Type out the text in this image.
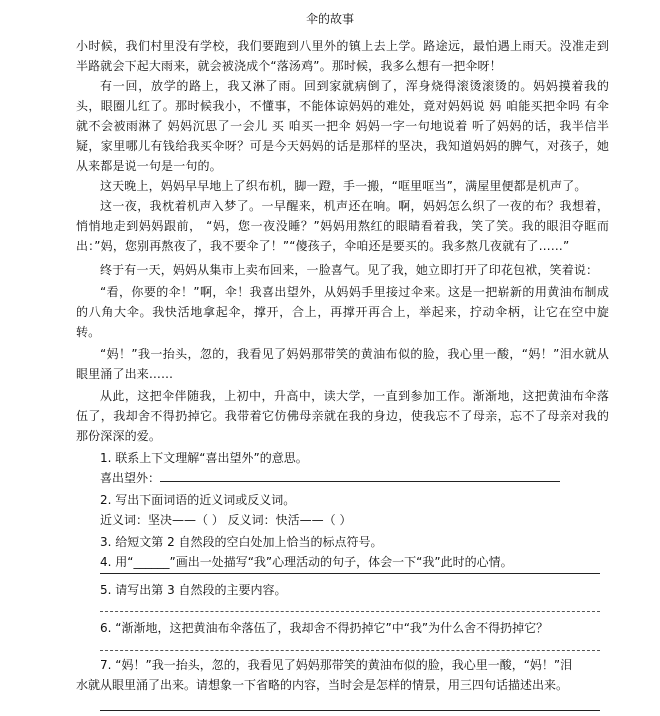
伞的故事

小时候，我们村里没有学校，我们要跑到八里外的镇上去上学。路途远，最怕遇上雨天。没准走到半路就会下起大雨来，就会被浇成个“落汤鸡”。那时候，我多么想有一把伞呀！

有一回，放学的路上，我又淋了雨。回到家就病倒了，浑身烧得滚烫滚烫的。妈妈摸着我的头，眼圈儿红了。那时候我小，不懂事，不能体谅妈妈的难处，竟对妈妈说 妈 咱能买把伞吗 有伞就不会被雨淋了 妈妈沉思了一会儿 买 咱买一把伞 妈妈一字一句地说着 听了妈妈的话，我半信半疑，家里哪儿有钱给我买伞呀？可是今天妈妈的话是那样的坚决，我知道妈妈的脾气，对孩子，她从来都是说一句是一句的。

这天晚上，妈妈早早地上了织布机，脚一蹬，手一搬，“哐里哐当”，满屋里便都是机声了。

这一夜，我枕着机声入梦了。一早醒来，机声还在响。啊，妈妈怎么织了一夜的布？我想着，悄悄地走到妈妈跟前， “妈，您一夜没睡？”妈妈用熬红的眼睛看着我，笑了笑。我的眼泪夺眶而出：”妈，您别再熬夜了，我不要伞了！”“傻孩子，伞咱还是要买的。我多熬几夜就有了……”

终于有一天，妈妈从集市上卖布回来，一脸喜气。见了我，她立即打开了印花包袱，笑着说：

“看，你要的伞！”啊，伞！我喜出望外，从妈妈手里接过伞来。这是一把崭新的用黄油布制成的八角大伞。我快活地拿起伞，撑开，合上，再撑开再合上，举起来，拧动伞柄，让它在空中旋转。

“妈！”我一抬头，忽的，我看见了妈妈那带笑的黄油布似的脸，我心里一酸，“妈！”泪水就从眼里涌了出来……

从此，这把伞伴随我，上初中，升高中，读大学，一直到参加工作。渐渐地，这把黄油布伞落伍了，我却舍不得扔掉它。我带着它仿佛母亲就在我的身边，使我忘不了母亲，忘不了母亲对我的那份深深的爱。

1. 联系上下文理解“喜出望外”的意思。
喜出望外：
2. 写出下面词语的近义词或反义词。
近义词：坚决——（ ） 反义词：快活——（ ）
3. 给短文第 2 自然段的空白处加上恰当的标点符号。
4. 用“______”画出一处描写“我”心理活动的句子，体会一下“我”此时的心情。
5. 请写出第 3 自然段的主要内容。
6. “渐渐地，这把黄油布伞落伍了，我却舍不得扔掉它”中“我”为什么舍不得扔掉它？
7. “妈！”我一抬头，忽的，我看见了妈妈那带笑的黄油布似的脸，我心里一酸，“妈！”泪
水就从眼里涌了出来。请想象一下省略的内容，当时会是怎样的情景，用三四句话描述出来。
